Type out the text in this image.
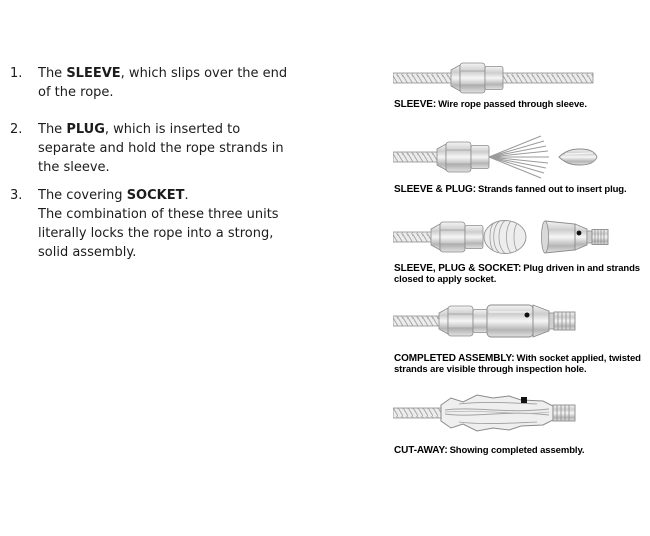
1.	The SLEEVE, which slips over the end
of the rope.
2.	The PLUG, which is inserted to
separate and hold the rope strands in
the sleeve.
3.	The covering SOCKET.
The combination of these three units
literally locks the rope into a strong,
solid assembly.
SLEEVE: Wire rope passed through sleeve.
SLEEVE & PLUG: Strands fanned out to insert plug.
SLEEVE, PLUG & SOCKET: Plug driven in and strands
closed to apply socket.
COMPLETED ASSEMBLY: With socket applied, twisted
strands are visible through inspection hole.
CUT-AWAY: Showing completed assembly.
